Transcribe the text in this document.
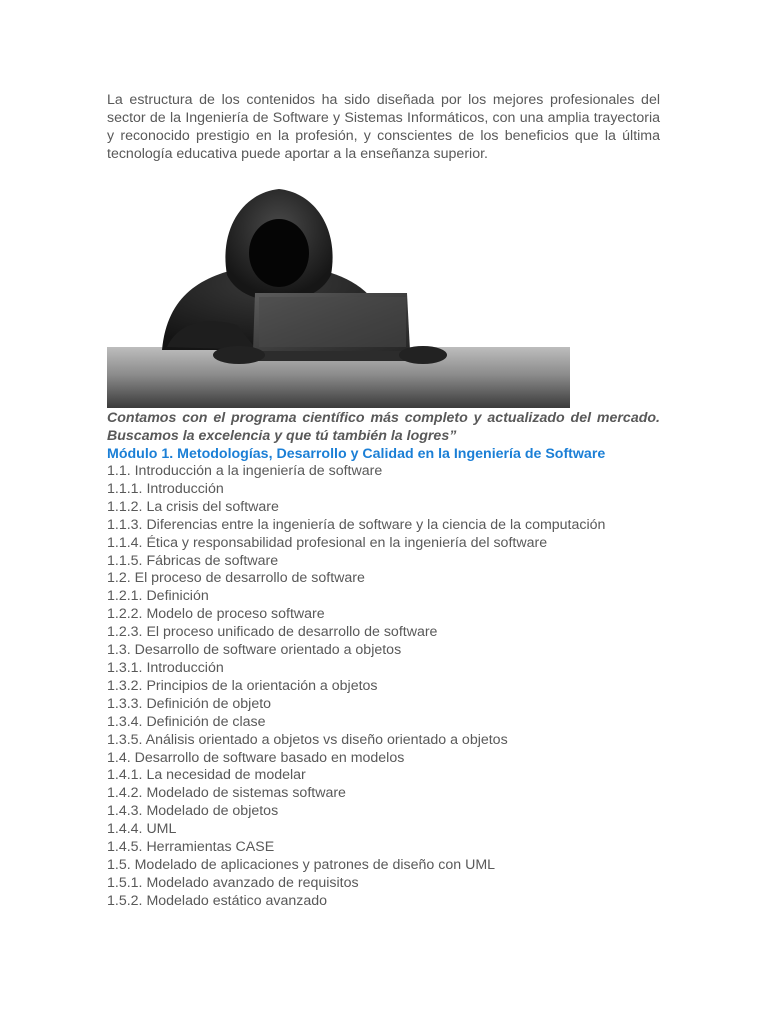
La estructura de los contenidos ha sido diseñada por los mejores profesionales del sector de la Ingeniería de Software y Sistemas Informáticos, con una amplia trayectoria y reconocido prestigio en la profesión, y conscientes de los beneficios que la última tecnología educativa puede aportar a la enseñanza superior.

Contamos con el programa científico más completo y actualizado del mercado. Buscamos la excelencia y que tú también la logres”

Módulo 1. Metodologías, Desarrollo y Calidad en la Ingeniería de Software
1.1. Introducción a la ingeniería de software
1.1.1. Introducción
1.1.2. La crisis del software
1.1.3. Diferencias entre la ingeniería de software y la ciencia de la computación
1.1.4. Ética y responsabilidad profesional en la ingeniería del software
1.1.5. Fábricas de software
1.2. El proceso de desarrollo de software
1.2.1. Definición
1.2.2. Modelo de proceso software
1.2.3. El proceso unificado de desarrollo de software
1.3. Desarrollo de software orientado a objetos
1.3.1. Introducción
1.3.2. Principios de la orientación a objetos
1.3.3. Definición de objeto
1.3.4. Definición de clase
1.3.5. Análisis orientado a objetos vs diseño orientado a objetos
1.4. Desarrollo de software basado en modelos
1.4.1. La necesidad de modelar
1.4.2. Modelado de sistemas software
1.4.3. Modelado de objetos
1.4.4. UML
1.4.5. Herramientas CASE
1.5. Modelado de aplicaciones y patrones de diseño con UML
1.5.1. Modelado avanzado de requisitos
1.5.2. Modelado estático avanzado
